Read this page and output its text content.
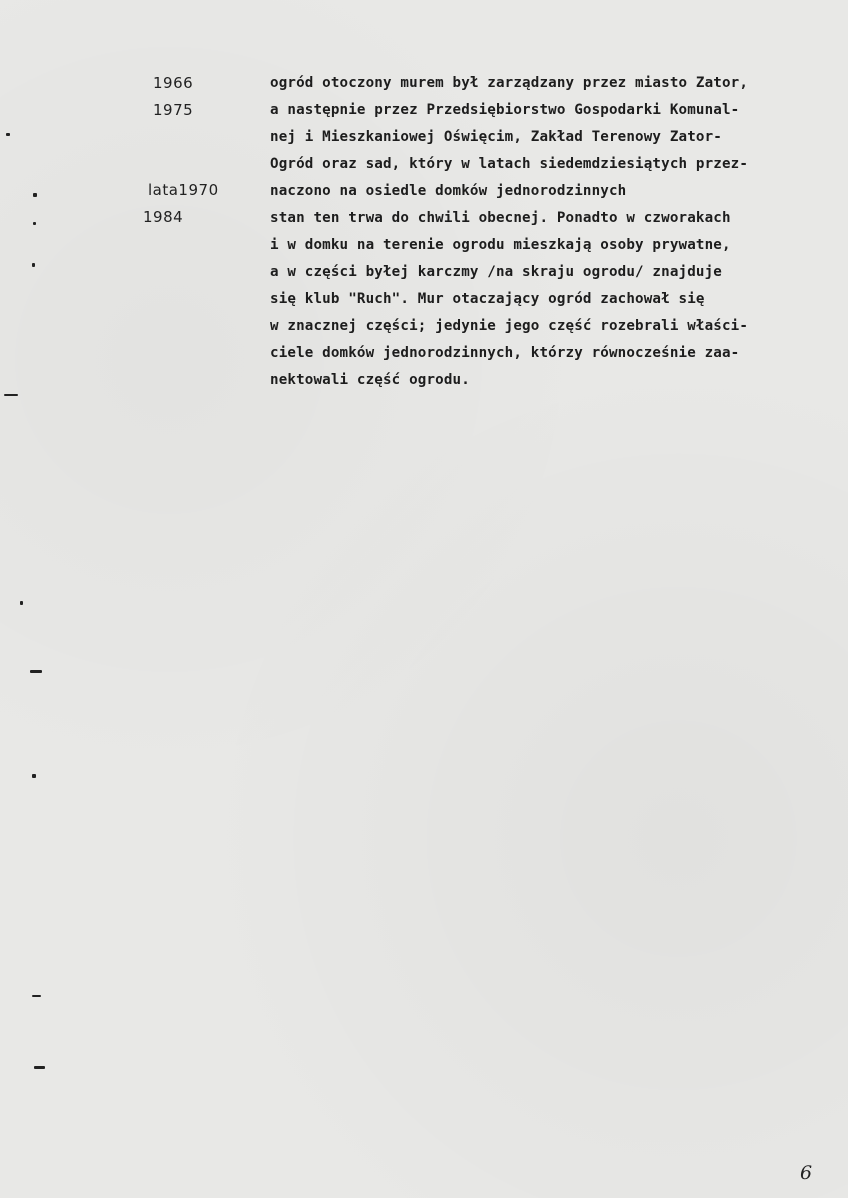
1966
1975
lata1970
1984
ogród otoczony murem był zarządzany przez miasto Zator,
a następnie przez Przedsiębiorstwo Gospodarki Komunal-
nej i Mieszkaniowej Oświęcim, Zakład Terenowy Zator-
Ogród oraz sad, który w latach siedemdziesiątych przez-
naczono na osiedle domków jednorodzinnych
stan ten trwa do chwili obecnej. Ponadto w czworakach
i w domku na terenie ogrodu mieszkają osoby prywatne,
a w części byłej karczmy /na skraju ogrodu/ znajduje
się klub "Ruch". Mur otaczający ogród zachował się
w znacznej części; jedynie jego część rozebrali właści-
ciele domków jednorodzinnych, którzy równocześnie zaa-
nektowali część ogrodu.
6
